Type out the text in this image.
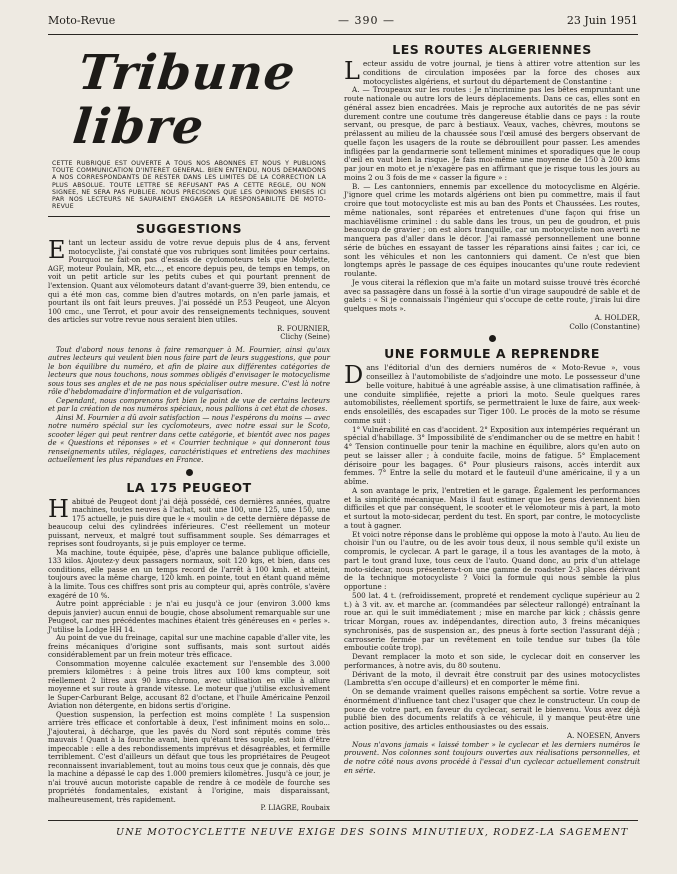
Moto-Revue	— 390 —	23 Juin 1951
Tribune libre
CETTE RUBRIQUE EST OUVERTE A TOUS NOS ABONNES ET NOUS Y PUBLIONS TOUTE COMMUNICATION D'INTERET GENERAL. BIEN ENTENDU, NOUS DEMANDONS A NOS CORRESPONDANTS DE RESTER DANS LES LIMITES DE LA CORRECTION LA PLUS ABSOLUE. TOUTE LETTRE SE REFUSANT PAS A CETTE REGLE, OU NON SIGNEE, NE SERA PAS PUBLIEE. NOUS PRECISONS QUE LES OPINIONS EMISES ICI PAR NOS LECTEURS NE SAURAIENT ENGAGER LA RESPONSABILITE DE MOTO-REVUE
SUGGESTIONS

Etant un lecteur assidu de votre revue depuis plus de 4 ans, fervent motocycliste, j'ai constaté que vos rubriques sont limitées pour certains. Pourquoi ne fait-on pas d'essais de cyclomoteurs tels que Mobylette, AGF, moteur Poulain, MR, etc..., et encore depuis peu, de temps en temps, on voit un petit article sur les petits cubes et qui pourtant prennent de l'extension. Quant aux vélomoteurs datant d'avant-guerre 39, bien entendu, ce qui a été mon cas, comme bien d'autres motards, on n'en parle jamais, et pourtant ils ont fait leurs preuves. J'ai possédé un P.53 Peugeot, une Alcyon 100 cmc., une Terrot, et pour avoir des renseignements techniques, souvent des articles sur votre revue nous seraient bien utiles.

R. FOURNIER,

Clichy (Seine)

Tout d'abord nous tenons à faire remarquer à M. Fournier, ainsi qu'aux autres lecteurs qui veulent bien nous faire part de leurs suggestions, que pour le bon équilibre du numéro, et afin de plaire aux différentes catégories de lecteurs que nous touchons, nous sommes obligés d'envisager le motocyclisme sous tous ses angles et de ne pas nous spécialiser outre mesure. C'est là notre rôle d'hebdomadaire d'information et de vulgarisation.

Cependant, nous comprenons fort bien le point de vue de certains lecteurs et par la création de nos numéros spéciaux, nous pallions à cet état de choses.

Ainsi M. Fournier a dû avoir satisfaction — nous l'espérons du moins — avec notre numéro spécial sur les cyclomoteurs, avec notre essai sur le Scoto, scooter léger qui peut rentrer dans cette catégorie, et bientôt avec nos pages de « Questions et réponses » et « Courrier technique » qui donneront tous renseignements utiles, réglages, caractéristiques et entretiens des machines actuellement les plus répandues en France.

LA 175 PEUGEOT

Habitué de Peugeot dont j'ai déjà possédé, ces dernières années, quatre machines, toutes neuves à l'achat, soit une 100, une 125, une 150, une 175 actuelle, je puis dire que le « moulin » de cette dernière dépasse de beaucoup celui des cylindrées inférieures. C'est réellement un moteur puissant, nerveux, et malgré tout suffisamment souple. Ses démarrages et reprises sont foudroyants, si je puis employer ce terme.

Ma machine, toute équipée, pèse, d'après une balance publique officielle, 133 kilos. Ajoutez-y deux passagers normaux, soit 120 kgs, et bien, dans ces conditions, elle passe en un temps record de l'arrêt à 100 kmh. et atteint, toujours avec la même charge, 120 kmh. en pointe, tout en étant quand même à la limite. Tous ces chiffres sont pris au compteur qui, après contrôle, s'avère exagéré de 10 %.

Autre point appréciable : je n'ai eu jusqu'à ce jour (environ 3.000 kms depuis janvier) aucun ennui de bougie, chose absolument remarquable sur une Peugeot, car mes précédentes machines étaient très généreuses en « perles ». J'utilise la Lodge HH 14.

Au point de vue du freinage, capital sur une machine capable d'aller vite, les freins mécaniques d'origine sont suffisants, mais sont surtout aidés considérablement par un frein moteur très efficace.

Consommation moyenne calculée exactement sur l'ensemble des 3.000 premiers kilomètres : à peine trois litres aux 100 kms compteur, soit réellement 2 litres aux 90 kms-chrono, avec utilisation en ville à allure moyenne et sur route à grande vitesse. Le moteur que j'utilise exclusivement le Super-Carburant Belge, accusant 82 d'octane, et l'huile Américaine Penzoil Aviation non détergente, en bidons sertis d'origine.

Question suspension, la perfection est moins complète ! La suspension arrière très efficace et confortable à deux, l'est infiniment moins en solo... J'ajouterai, à décharge, que les pavés du Nord sont réputés comme très mauvais ! Quant à la fourche avant, bien qu'étant très souple, est loin d'être impeccable : elle a des rebondissements imprévus et désagréables, et fermille terriblement. C'est d'ailleurs un défaut que tous les propriétaires de Peugeot reconnaissent invariablement, tout au moins tous ceux que je connais, dès que la machine a dépassé le cap des 1.000 premiers kilomètres. Jusqu'à ce jour, je n'ai trouvé aucun motoriste capable de rendre à ce modèle de fourche ses propriétés fondamentales, existant à l'origine, mais disparaissant, malheureusement, très rapidement.

P. LIAGRE, Roubaix

LES ROUTES ALGERIENNES

Lecteur assidu de votre journal, je tiens à attirer votre attention sur les conditions de circulation imposées par la force des choses aux motocyclistes algériens, et surtout du département de Constantine :

A. — Troupeaux sur les routes : Je n'incrimine pas les bêtes empruntant une route nationale ou autre lors de leurs déplacements. Dans ce cas, elles sont en général assez bien encadrées. Mais je reproche aux autorités de ne pas sévir durement contre une coutume très dangereuse établie dans ce pays : la route servant, ou presque, de parc à bestiaux. Veaux, vaches, chèvres, moutons se prélassent au milieu de la chaussée sous l'œil amusé des bergers observant de quelle façon les usagers de la route se débrouillent pour passer. Les amendes infligées par la gendarmerie sont tellement minimes et sporadiques que le coup d'œil en vaut bien la risque. Je fais moi-même une moyenne de 150 à 200 kms par jour en moto et je n'exagère pas en affirmant que je risque tous les jours au moins 2 ou 3 fois de me « casser la figure » :

B. — Les cantonniers, ennemis par excellence du motocyclisme en Algérie. J'ignore quel crime les motards algériens ont bien pu commettre, mais il faut croire que tout motocycliste est mis au ban des Ponts et Chaussées. Les routes, même nationales, sont réparées et entretenues d'une façon qui frise un machiavélisme criminel : du sable dans les trous, un peu de goudron, et puis beaucoup de gravier ; on est alors tranquille, car un motocycliste non averti ne manquera pas d'aller dans le décor. J'ai ramassé personnellement une bonne série de bûches en essayant de tasser les réparations ainsi faites ; car ici, ce sont les véhicules et non les cantonniers qui dament. Ce n'est que bien longtemps après le passage de ces équipes inoucantes qu'une route redevient roulante.

Je vous citerai la réflexion que m'a faite un motard suisse trouvé très écorché avec sa passagère dans un fossé à la sortie d'un virage saupoudré de sable et de galets : « Si je connaissais l'ingénieur qui s'occupe de cette route, j'irais lui dire quelques mots ».

A. HOLDER,

Collo (Constantine)

UNE FORMULE A REPRENDRE

Dans l'éditorial d'un des derniers numéros de « Moto-Revue », vous conseillez à l'automobiliste de s'adjoindre une moto. Le possesseur d'une belle voiture, habitué à une agréable assise, à une climatisation raffinée, à une conduite simplifiée, rejette a priori la moto. Seule quelques rares automobilistes, réellement sportifs, se permettraient le luxe de faire, aux week-ends ensoleillés, des escapades sur Tiger 100. Le procès de la moto se résume comme suit :

1° Vulnérabilité en cas d'accident. 2° Exposition aux intempéries requérant un spécial d'habillage. 3° Impossibilité de s'endimancher ou de se mettre en habit ! 4° Tension continuelle pour tenir la machine en équilibre, alors qu'en auto on peut se laisser aller ; à conduite facile, moins de fatigue. 5° Emplacement dérisoire pour les bagages. 6° Pour plusieurs raisons, accès interdit aux femmes. 7° Entre la selle du motard et le fauteuil d'une américaine, il y a un abîme.

A son avantage le prix, l'entretien et le garage. Également les performances et la simplicité mécanique. Mais il faut estimer que les gens deviennent bien difficiles et que par conséquent, le scooter et le vélomoteur mis à part, la moto et surtout la moto-sidecar, perdent du test. En sport, par contre, le motocycliste a tout à gagner.

Et voici notre réponse dans le problème qui oppose la moto à l'auto. Au lieu de choisir l'un ou l'autre, ou de les avoir tous deux, il nous semble qu'il existe un compromis, le cyclecar. A part le garage, il a tous les avantages de la moto, à part le tout grand luxe, tous ceux de l'auto. Quand donc, au prix d'un attelage moto-sidecar, nous présentera-t-on une gamme de roadster 2-3 places dérivant de la technique motocycliste ? Voici la formule qui nous semble la plus opportune :

500 lat. 4 t. (refroidissement, propreté et rendement cyclique supérieur au 2 t.) à 3 vit. av. et marche ar. (commandées par sélecteur rallongé) entraînant la roue ar. qui le suit immédiatement ; mise en marche par kick ; châssis genre tricar Morgan, roues av. indépendantes, direction auto, 3 freins mécaniques synchronisés, pas de suspension ar., des pneus à forte section l'assurant déjà ; carrosserie fermée par un revêtement en toile tendue sur tubes (la tôle emboutie coûte trop).

Devant remplacer la moto et son side, le cyclecar doit en conserver les performances, à notre avis, du 80 soutenu.

Dérivant de la moto, il devrait être construit par des usines motocyclistes (Lambretta s'en occupe d'ailleurs) et en comporter le même fini.

On se demande vraiment quelles raisons empêchent sa sortie. Votre revue a énormément d'influence tant chez l'usager que chez le constructeur. Un coup de pouce de votre part, en faveur du cyclecar, serait le bienvenu. Vous avez déjà publié bien des documents relatifs à ce véhicule, il y manque peut-être une action positive, des articles enthousiastes ou des essais.

A. NOESEN, Anvers

Nous n'avons jamais « laissé tomber » le cyclecar et les derniers numéros le prouvent. Nos colonnes sont toujours ouvertes aux réalisations personnelles, et de notre côté nous avons procédé à l'essai d'un cyclecar actuellement construit en série.

UNE MOTOCYCLETTE NEUVE EXIGE DES SOINS MINUTIEUX, RODEZ-LA SAGEMENT
